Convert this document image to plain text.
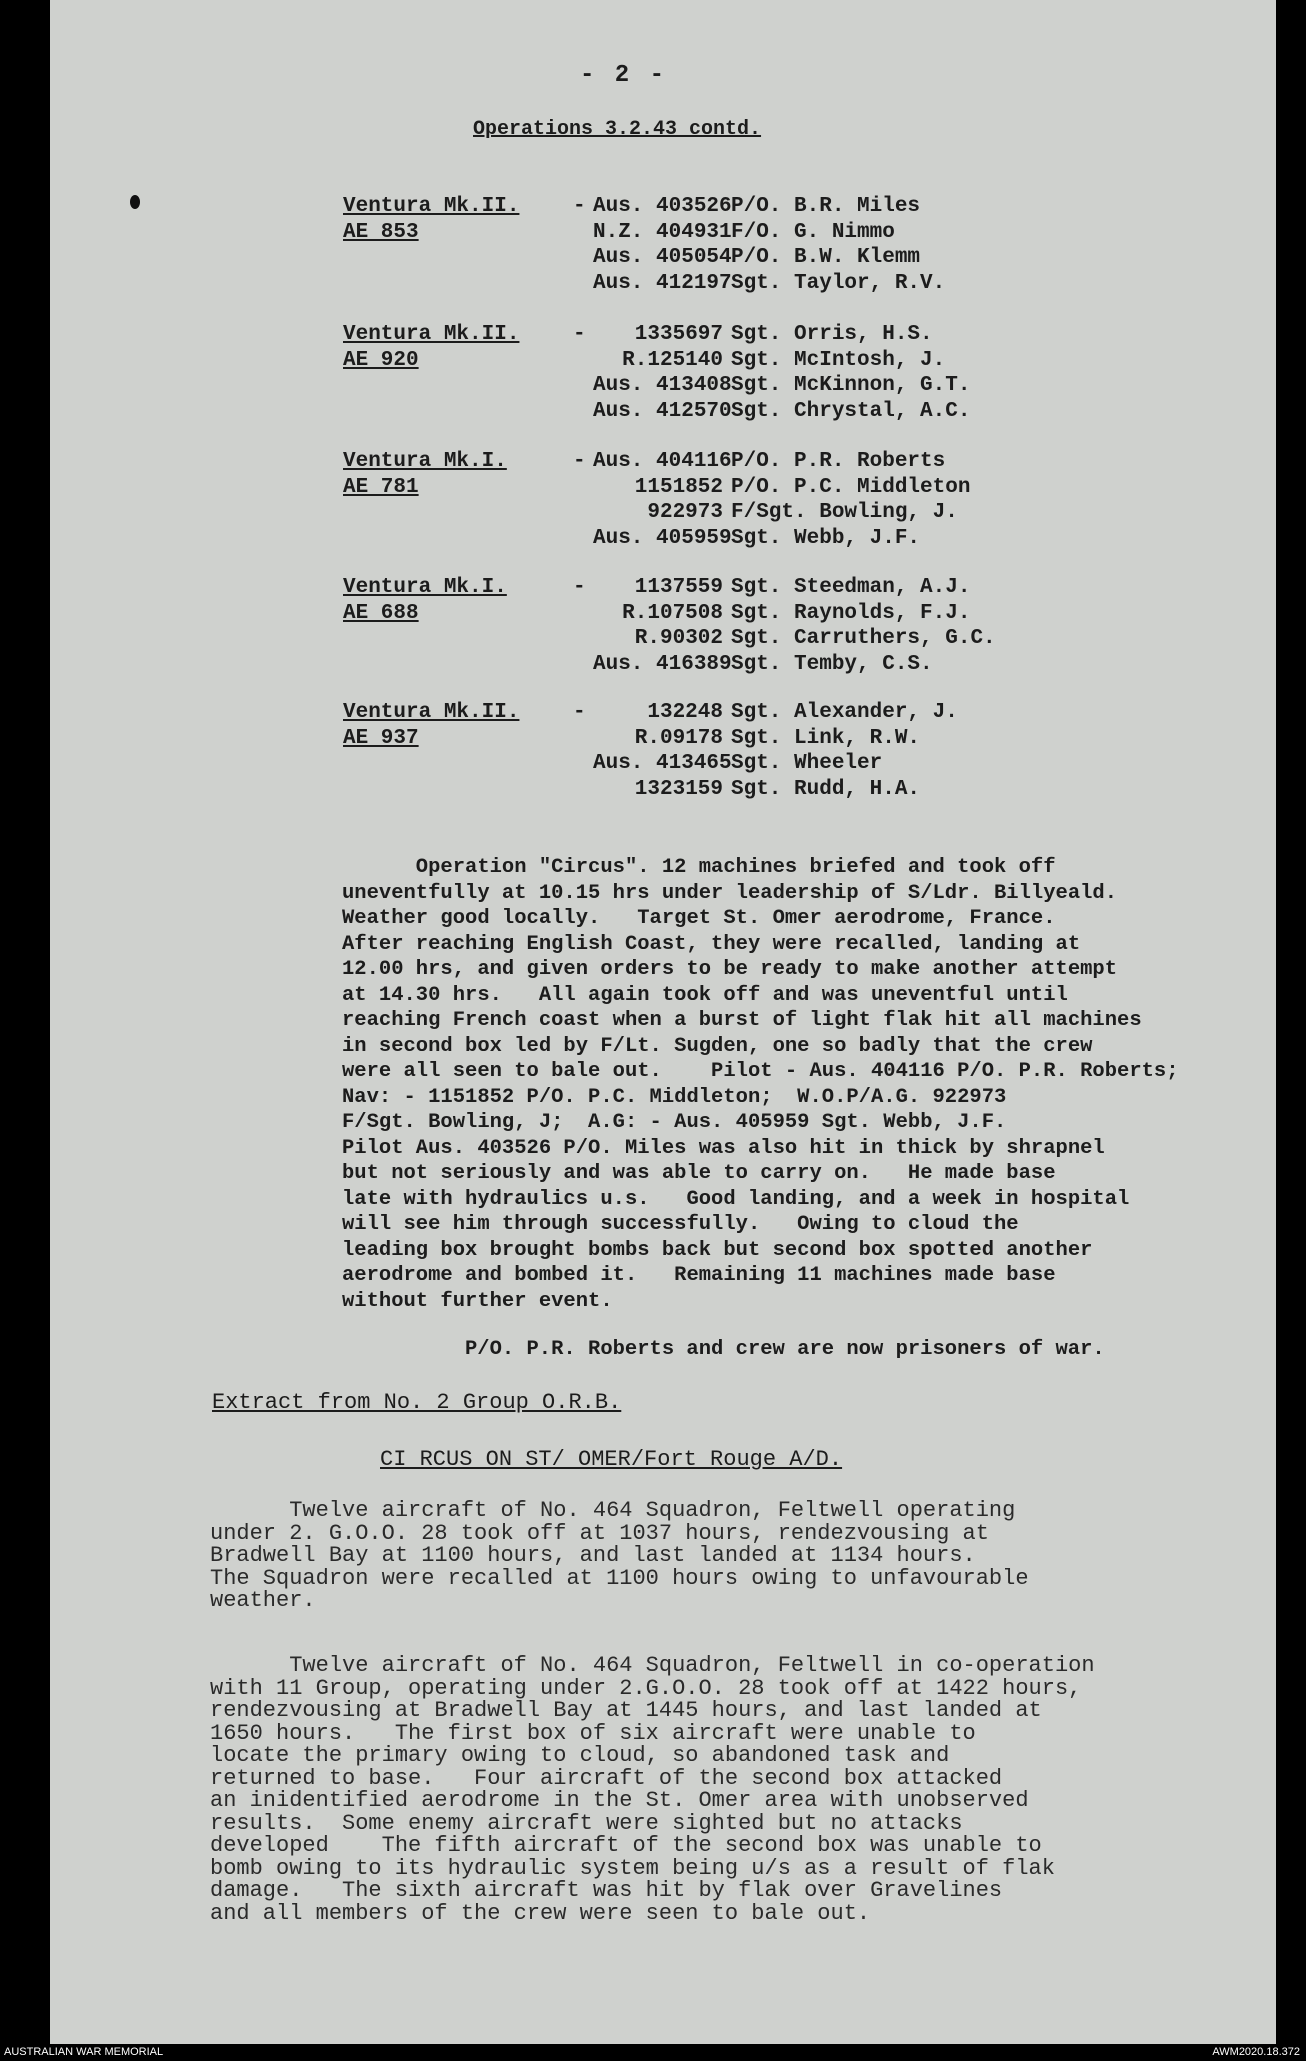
- 2 -
Operations 3.2.43 contd.
Ventura Mk.II.	- Aus. 403526 P/O. B.R. Miles
AE 853	N.Z. 404931 F/O. G. Nimmo
Aus. 405054 P/O. B.W. Klemm
Aus. 412197 Sgt. Taylor, R.V.
Ventura Mk.II.	-	1335697 Sgt. Orris, H.S.
AE 920	R.125140 Sgt. McIntosh, J.
Aus. 413408 Sgt. McKinnon, G.T.
Aus. 412570 Sgt. Chrystal, A.C.
Ventura Mk.I.	- Aus. 404116 P/O. P.R. Roberts
AE 781	1151852 P/O. P.C. Middleton
922973 F/Sgt. Bowling, J.
Aus. 405959 Sgt. Webb, J.F.
Ventura Mk.I.	-	1137559 Sgt. Steedman, A.J.
AE 688	R.107508 Sgt. Raynolds, F.J.
R.90302 Sgt. Carruthers, G.C.
Aus. 416389 Sgt. Temby, C.S.
Ventura Mk.II.	-	132248 Sgt. Alexander, J.
AE 937	R.09178 Sgt. Link, R.W.
Aus. 413465 Sgt. Wheeler
1323159 Sgt. Rudd, H.A.
Operation "Circus". 12 machines briefed and took off
uneventfully at 10.15 hrs under leadership of S/Ldr. Billyeald.
Weather good locally.   Target St. Omer aerodrome, France.
After reaching English Coast, they were recalled, landing at
12.00 hrs, and given orders to be ready to make another attempt
at 14.30 hrs.   All again took off and was uneventful until
reaching French coast when a burst of light flak hit all machines
in second box led by F/Lt. Sugden, one so badly that the crew
were all seen to bale out.    Pilot - Aus. 404116 P/O. P.R. Roberts;
Nav: - 1151852 P/O. P.C. Middleton;  W.O.P/A.G. 922973
F/Sgt. Bowling, J;  A.G: - Aus. 405959 Sgt. Webb, J.F.
Pilot Aus. 403526 P/O. Miles was also hit in thick by shrapnel
but not seriously and was able to carry on.   He made base
late with hydraulics u.s.   Good landing, and a week in hospital
will see him through successfully.   Owing to cloud the
leading box brought bombs back but second box spotted another
aerodrome and bombed it.   Remaining 11 machines made base
without further event.
P/O. P.R. Roberts and crew are now prisoners of war.
Extract from No. 2 Group O.R.B.
CI RCUS ON ST/ OMER/Fort Rouge A/D.
Twelve aircraft of No. 464 Squadron, Feltwell operating
under 2. G.O.O. 28 took off at 1037 hours, rendezvousing at
Bradwell Bay at 1100 hours, and last landed at 1134 hours.
The Squadron were recalled at 1100 hours owing to unfavourable
weather.
Twelve aircraft of No. 464 Squadron, Feltwell in co-operation
with 11 Group, operating under 2.G.O.O. 28 took off at 1422 hours,
rendezvousing at Bradwell Bay at 1445 hours, and last landed at
1650 hours.   The first box of six aircraft were unable to
locate the primary owing to cloud, so abandoned task and
returned to base.   Four aircraft of the second box attacked
an inidentified aerodrome in the St. Omer area with unobserved
results.  Some enemy aircraft were sighted but no attacks
developed    The fifth aircraft of the second box was unable to
bomb owing to its hydraulic system being u/s as a result of flak
damage.   The sixth aircraft was hit by flak over Gravelines
and all members of the crew were seen to bale out.
AUSTRALIAN WAR MEMORIAL	AWM2020.18.372
